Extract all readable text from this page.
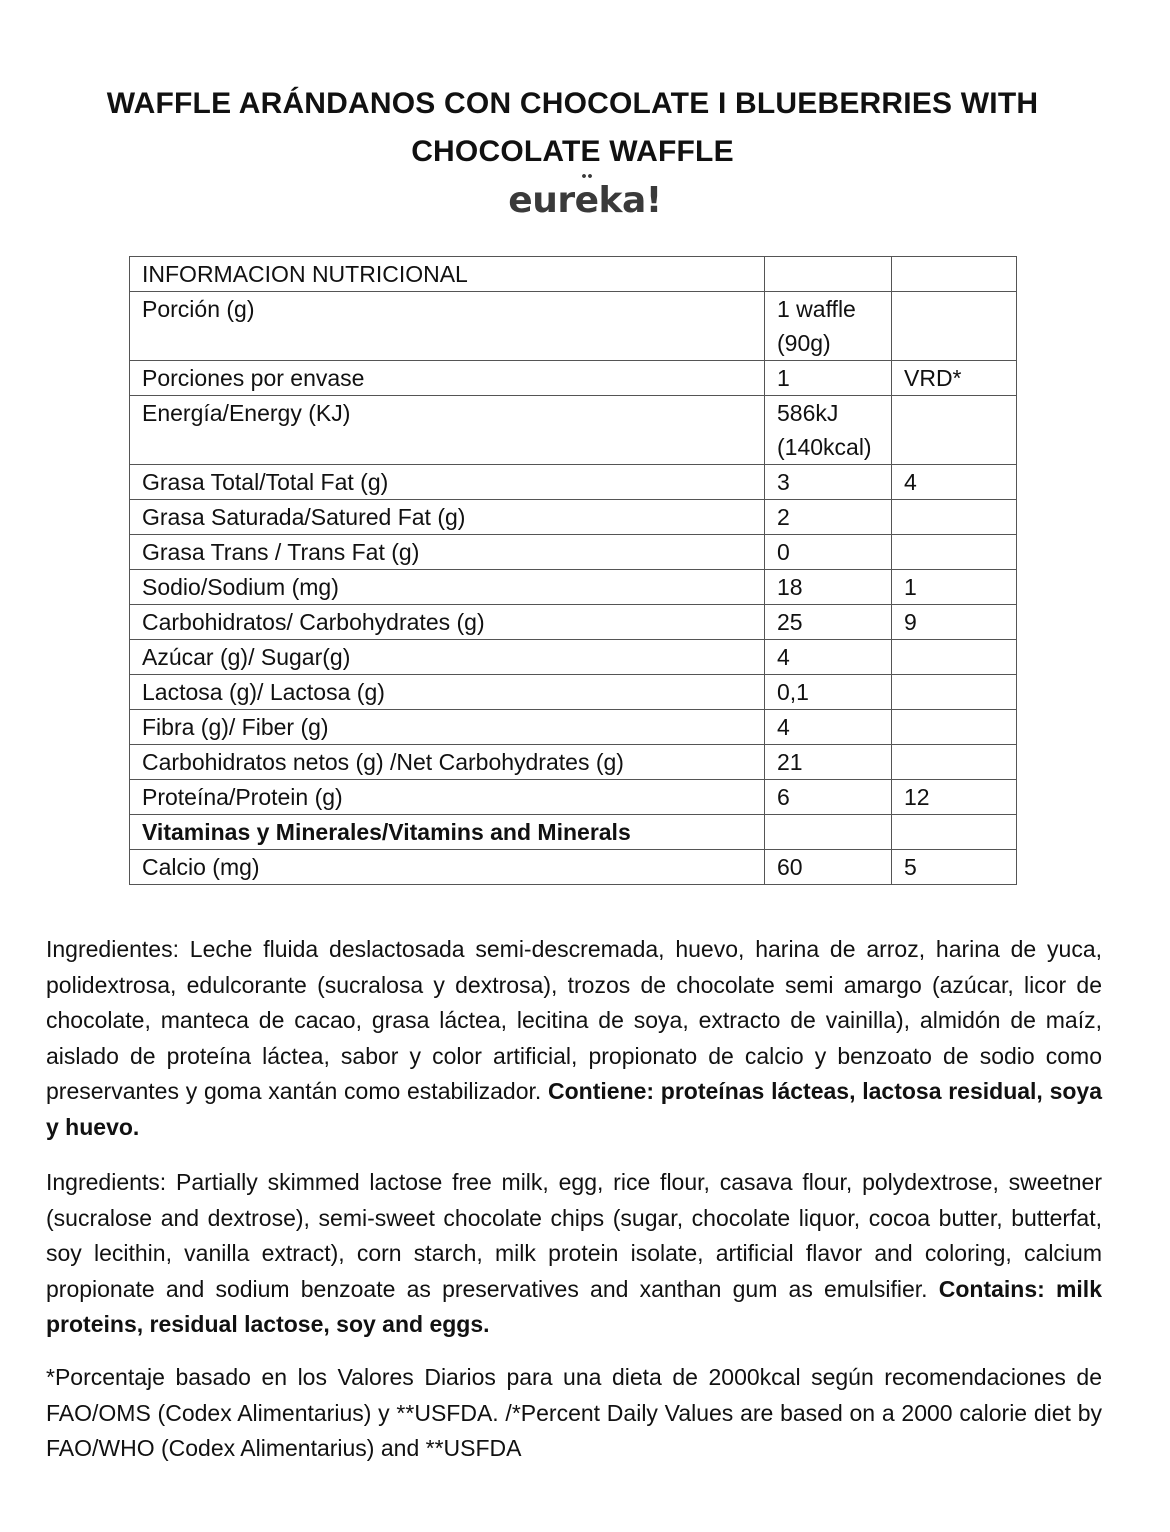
WAFFLE ARÁNDANOS CON CHOCOLATE I BLUEBERRIES WITH CHOCOLATE WAFFLE
eureka!
INFORMACION NUTRICIONAL		
Porción (g)	1 waffle (90g)	
Porciones por envase	1	VRD*
Energía/Energy (KJ)	586kJ (140kcal)	
Grasa Total/Total Fat (g)	3	4
Grasa Saturada/Satured Fat (g)	2	
Grasa Trans / Trans Fat (g)	0	
Sodio/Sodium (mg)	18	1
Carbohidratos/ Carbohydrates (g)	25	9
Azúcar (g)/ Sugar(g)	4	
Lactosa (g)/ Lactosa (g)	0,1	
Fibra (g)/ Fiber (g)	4	
Carbohidratos netos (g) /Net Carbohydrates (g)	21	
Proteína/Protein (g)	6	12
Vitaminas y Minerales/Vitamins and Minerals		
Calcio (mg)	60	5

Ingredientes: Leche fluida deslactosada semi-descremada, huevo, harina de arroz, harina de yuca, polidextrosa, edulcorante (sucralosa y dextrosa), trozos de chocolate semi amargo (azúcar, licor de chocolate, manteca de cacao, grasa láctea, lecitina de soya, extracto de vainilla), almidón de maíz, aislado de proteína láctea, sabor y color artificial, propionato de calcio y benzoato de sodio como preservantes y goma xantán como estabilizador. Contiene: proteínas lácteas, lactosa residual, soya y huevo.

Ingredients: Partially skimmed lactose free milk, egg, rice flour, casava flour, polydextrose, sweetner (sucralose and dextrose), semi-sweet chocolate chips (sugar, chocolate liquor, cocoa butter, butterfat, soy lecithin, vanilla extract), corn starch, milk protein isolate, artificial flavor and coloring, calcium propionate and sodium benzoate as preservatives and xanthan gum as emulsifier. Contains: milk proteins, residual lactose, soy and eggs.

*Porcentaje basado en los Valores Diarios para una dieta de 2000kcal según recomendaciones de FAO/OMS (Codex Alimentarius) y **USFDA. /*Percent Daily Values are based on a 2000 calorie diet by FAO/WHO (Codex Alimentarius) and **USFDA
